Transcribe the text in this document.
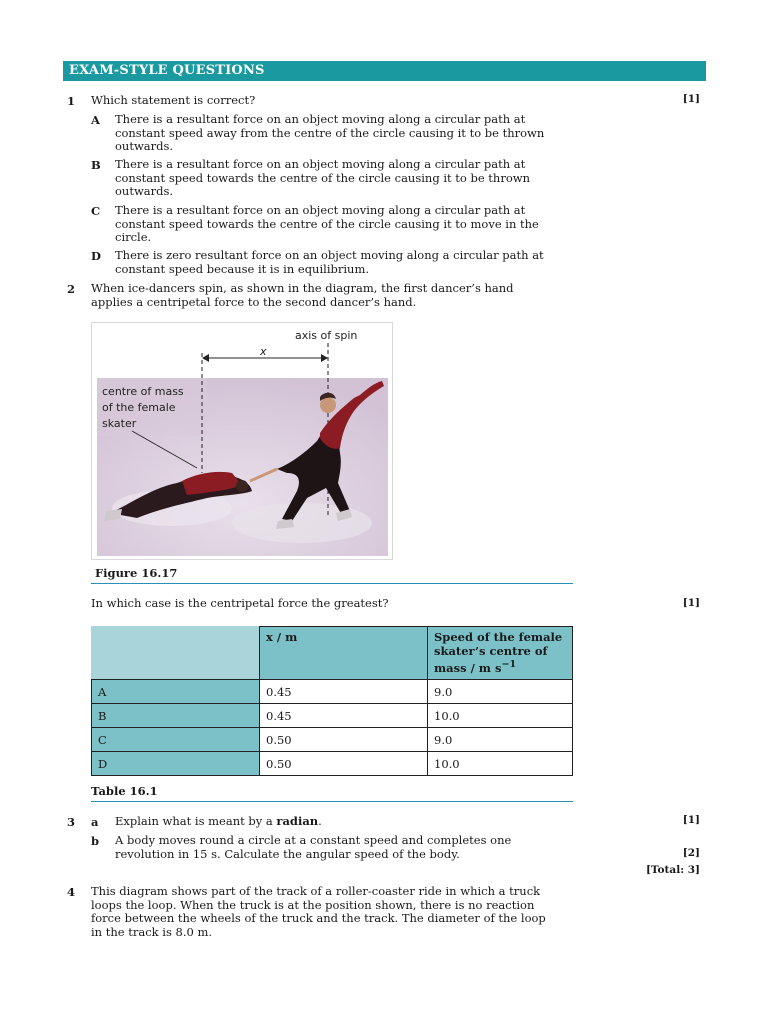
EXAM-STYLE QUESTIONS
1 Which statement is correct?	[1]
A There is a resultant force on an object moving along a circular path at
constant speed away from the centre of the circle causing it to be thrown
outwards.
B There is a resultant force on an object moving along a circular path at
constant speed towards the centre of the circle causing it to be thrown
outwards.
C There is a resultant force on an object moving along a circular path at
constant speed towards the centre of the circle causing it to move in the
circle.
D There is zero resultant force on an object moving along a circular path at
constant speed because it is in equilibrium.
2 When ice-dancers spin, as shown in the diagram, the first dancer’s hand
applies a centripetal force to the second dancer’s hand.
axis of spin
x
centre of mass
of the female
skater
Figure 16.17
In which case is the centripetal force the greatest?	[1]
	x / m	Speed of the female skater’s centre of mass / m $s^{-1}$
A	0.45	9.0
B	0.45	10.0
C	0.50	9.0
D	0.50	10.0
Table 16.1
3 a Explain what is meant by a radian.	[1]
b A body moves round a circle at a constant speed and completes one
revolution in 15 s. Calculate the angular speed of the body.	[2]
[Total: 3]
4 This diagram shows part of the track of a roller-coaster ride in which a truck
loops the loop. When the truck is at the position shown, there is no reaction
force between the wheels of the truck and the track. The diameter of the loop
in the track is 8.0 m.
